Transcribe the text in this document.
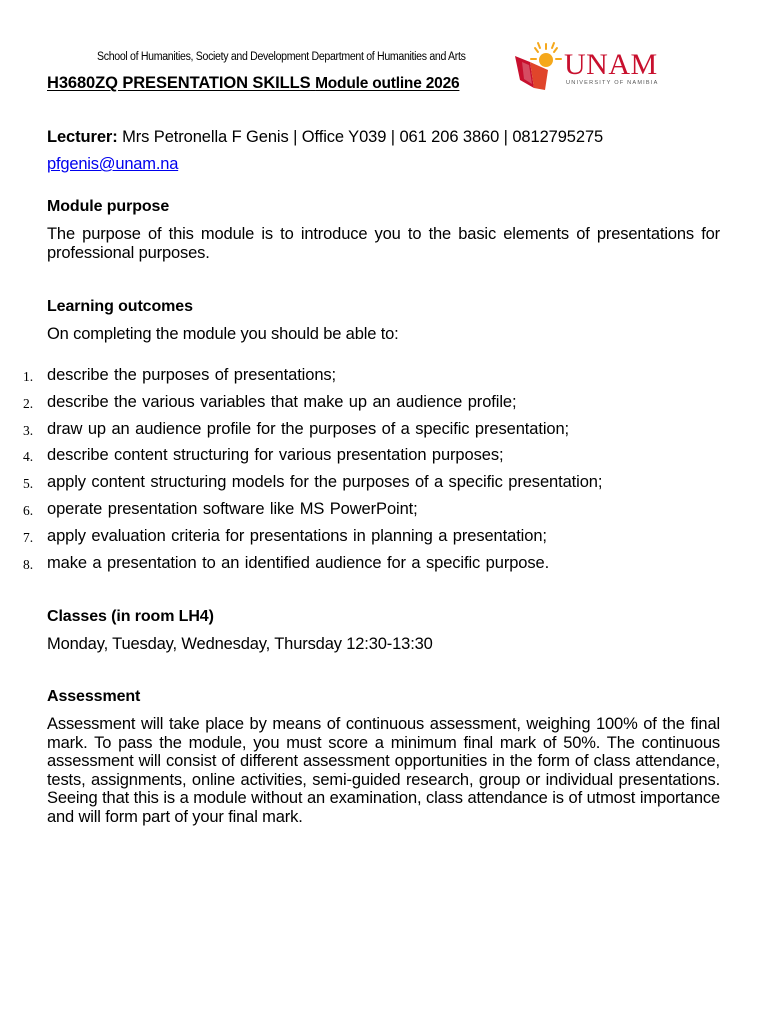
School of Humanities, Society and Development Department of Humanities and Arts
H3680ZQ PRESENTATION SKILLS Module outline 2026
UNAM
UNIVERSITY OF NAMIBIA
Lecturer: Mrs Petronella F Genis | Office Y039 | 061 206 3860 | 0812795275
pfgenis@unam.na
Module purpose
The purpose of this module is to introduce you to the basic elements of presentations for professional purposes.
Learning outcomes
On completing the module you should be able to:
1. describe the purposes of presentations;
2. describe the various variables that make up an audience profile;
3. draw up an audience profile for the purposes of a specific presentation;
4. describe content structuring for various presentation purposes;
5. apply content structuring models for the purposes of a specific presentation;
6. operate presentation software like MS PowerPoint;
7. apply evaluation criteria for presentations in planning a presentation;
8. make a presentation to an identified audience for a specific purpose.
Classes (in room LH4)
Monday, Tuesday, Wednesday, Thursday 12:30-13:30
Assessment
Assessment will take place by means of continuous assessment, weighing 100% of the final mark. To pass the module, you must score a minimum final mark of 50%. The continuous assessment will consist of different assessment opportunities in the form of class attendance, tests, assignments, online activities, semi-guided research, group or individual presentations. Seeing that this is a module without an examination, class attendance is of utmost importance and will form part of your final mark.
